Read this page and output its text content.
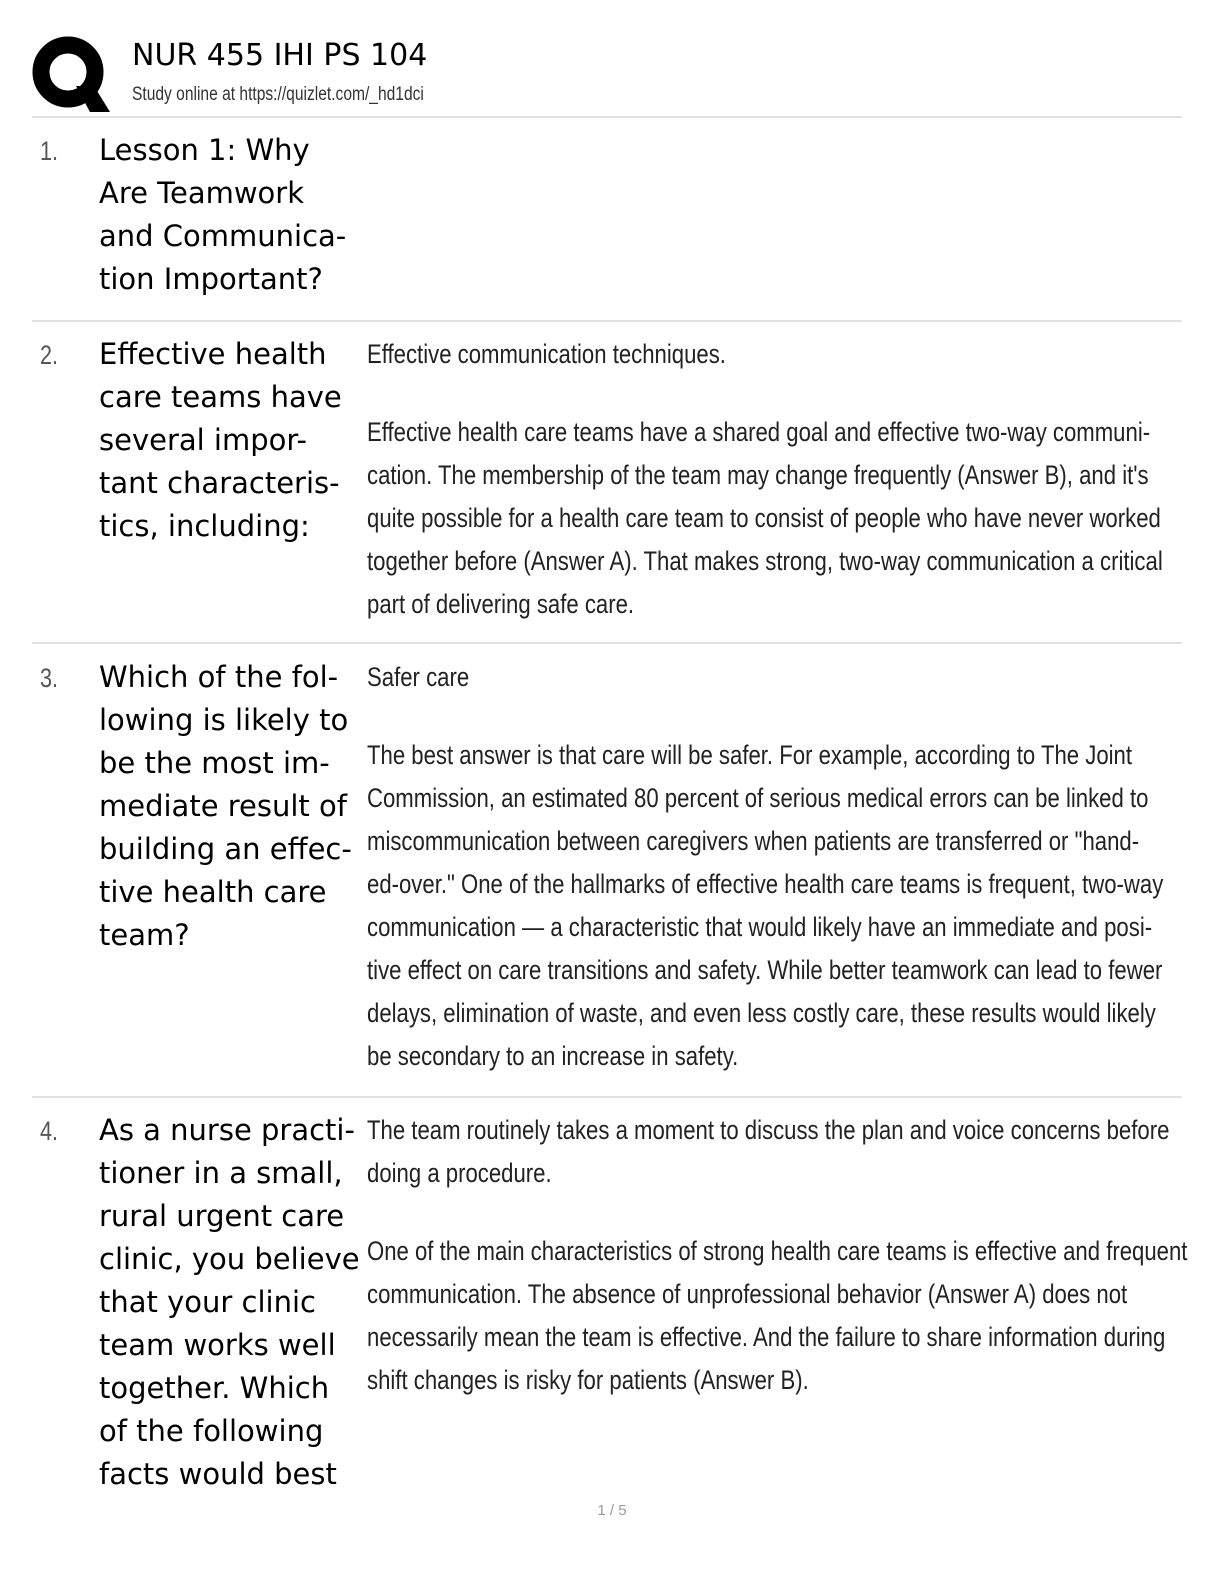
NUR 455 IHI PS 104
Study online at https://quizlet.com/_hd1dci
1. Lesson 1: Why
Are Teamwork
and Communica-
tion Important?
2. Effective health
care teams have
several impor-
tant characteris-
tics, including:
Effective communication techniques.
Effective health care teams have a shared goal and effective two-way communi-
cation. The membership of the team may change frequently (Answer B), and it's
quite possible for a health care team to consist of people who have never worked
together before (Answer A). That makes strong, two-way communication a critical
part of delivering safe care.
3. Which of the fol-
lowing is likely to
be the most im-
mediate result of
building an effec-
tive health care
team?
Safer care
The best answer is that care will be safer. For example, according to The Joint
Commission, an estimated 80 percent of serious medical errors can be linked to
miscommunication between caregivers when patients are transferred or "hand-
ed-over." One of the hallmarks of effective health care teams is frequent, two-way
communication — a characteristic that would likely have an immediate and posi-
tive effect on care transitions and safety. While better teamwork can lead to fewer
delays, elimination of waste, and even less costly care, these results would likely
be secondary to an increase in safety.
4. As a nurse practi-
tioner in a small,
rural urgent care
clinic, you believe
that your clinic
team works well
together. Which
of the following
facts would best
The team routinely takes a moment to discuss the plan and voice concerns before
doing a procedure.
One of the main characteristics of strong health care teams is effective and frequent
communication. The absence of unprofessional behavior (Answer A) does not
necessarily mean the team is effective. And the failure to share information during
shift changes is risky for patients (Answer B).
1 / 5
